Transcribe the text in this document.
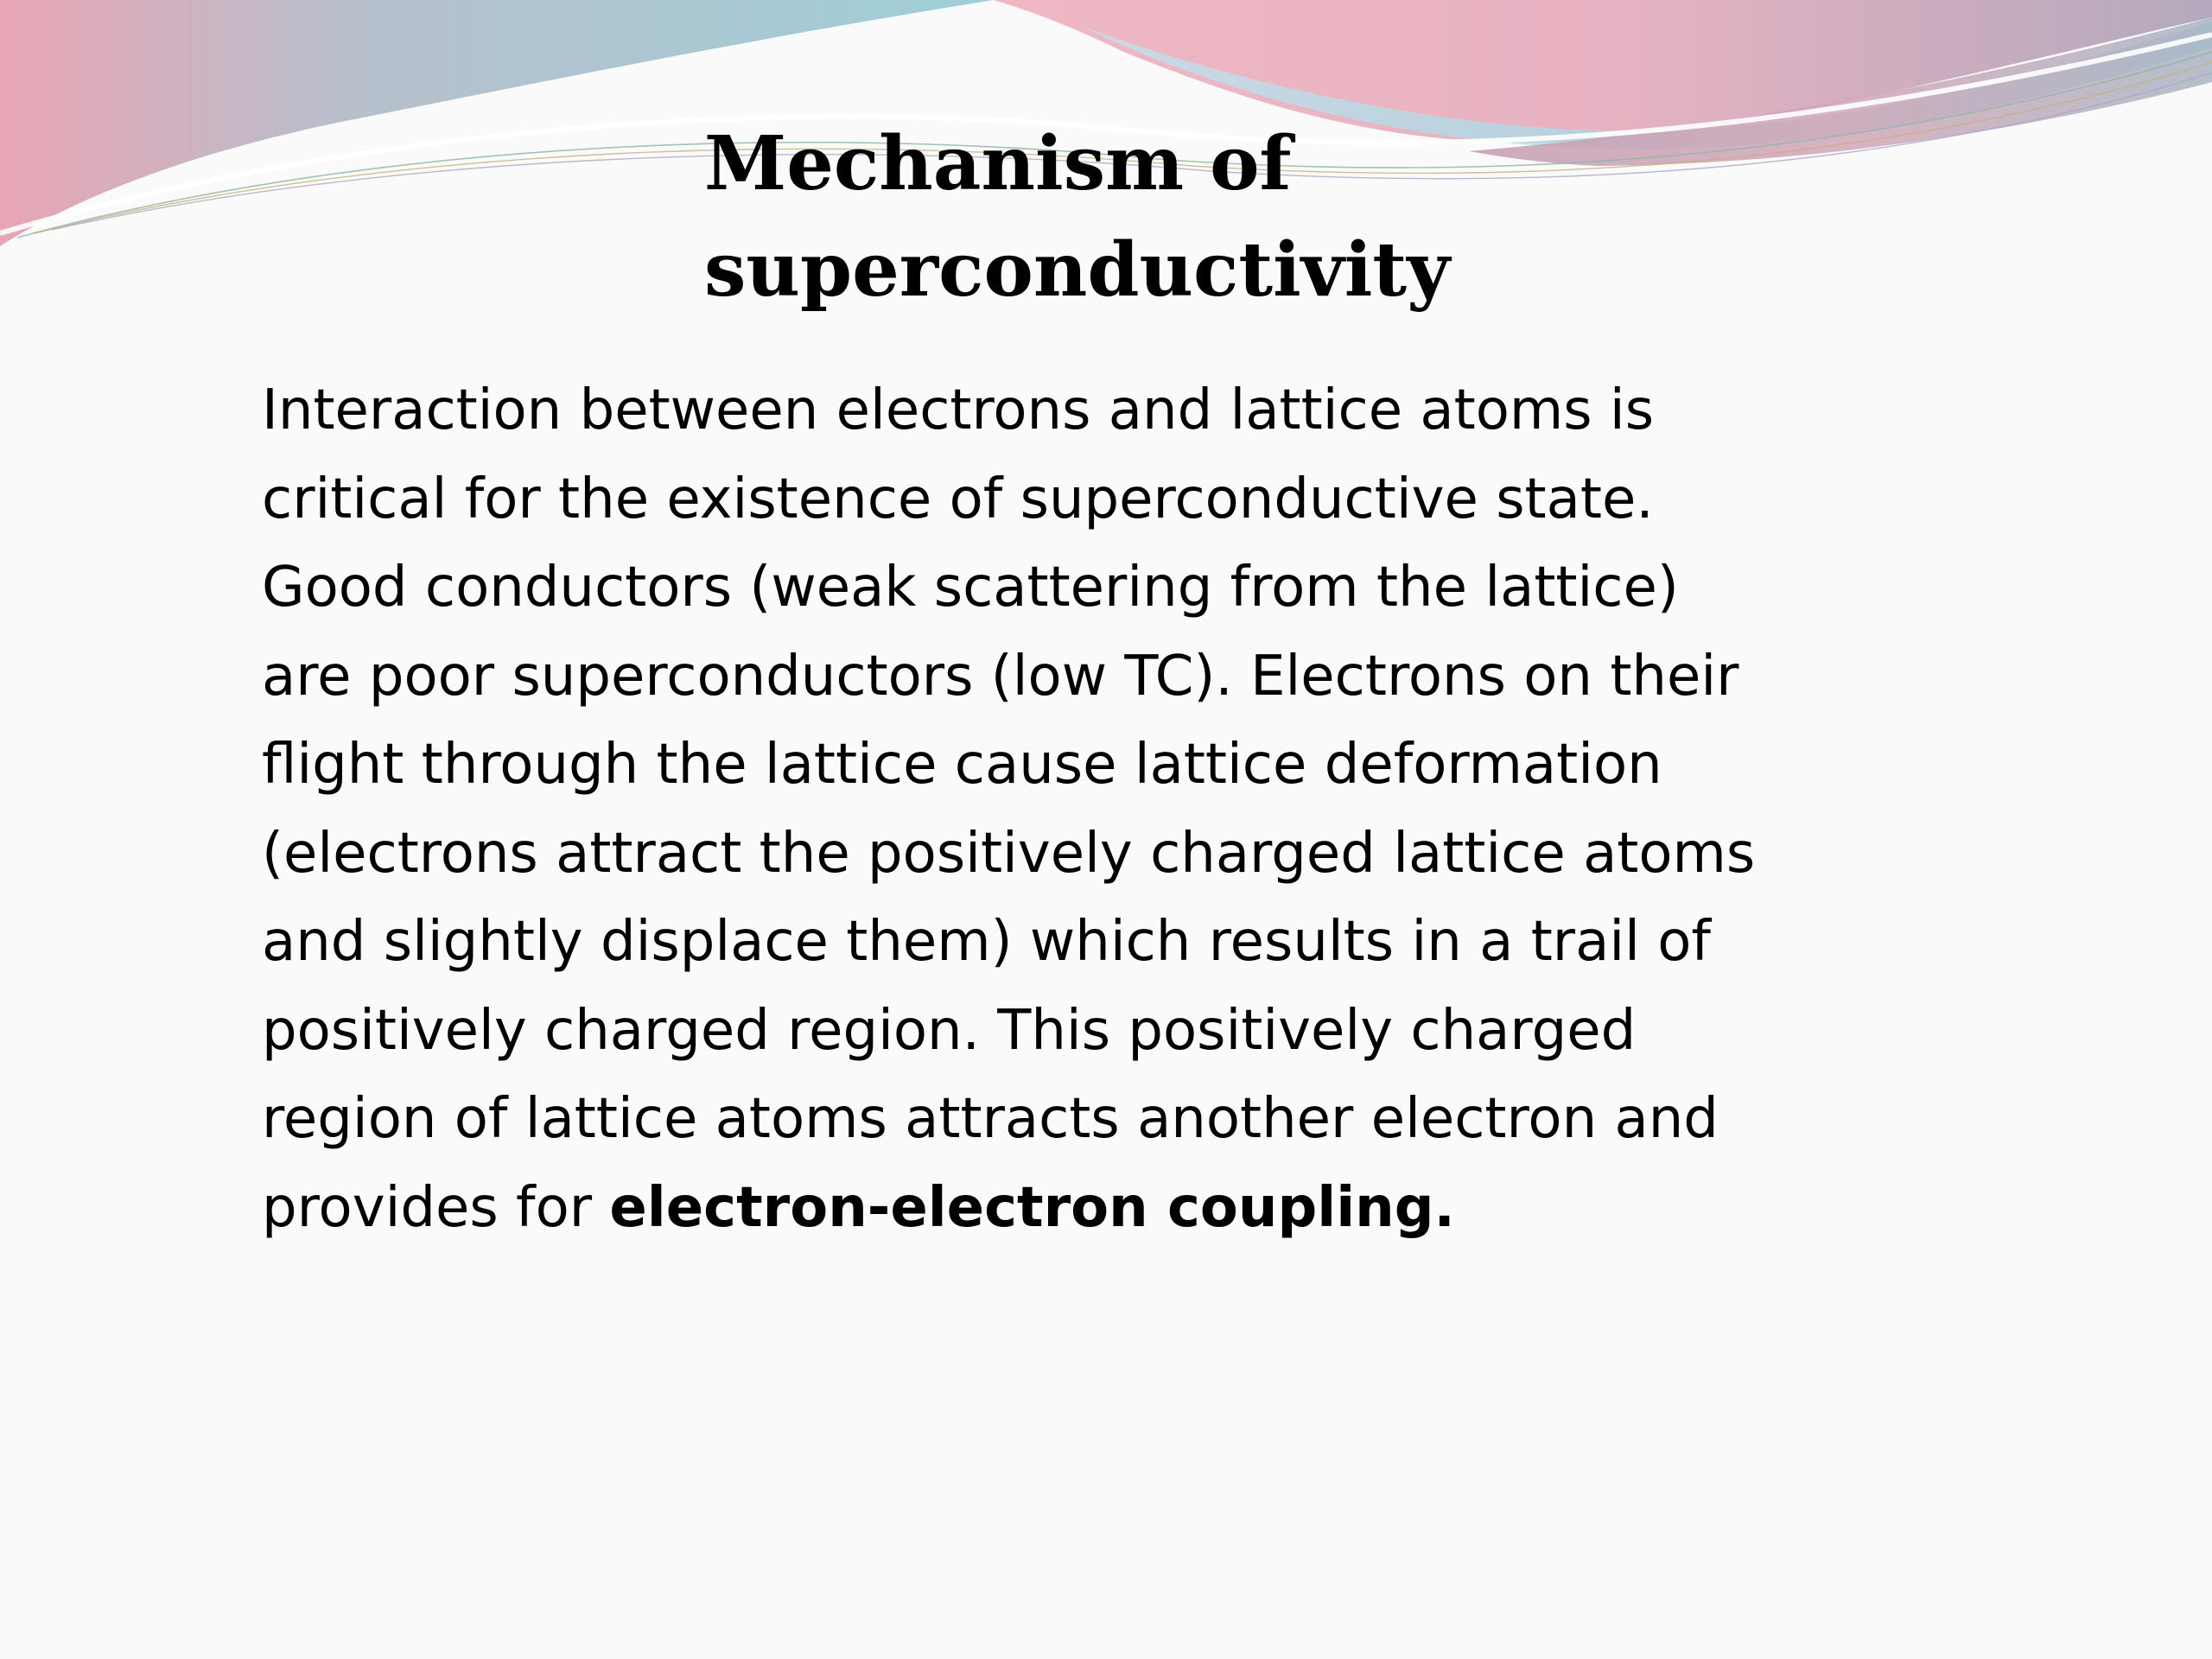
Mechanism of
superconductivity

Interaction between electrons and lattice atoms is
critical for the existence of superconductive state.
Good conductors (weak scattering from the lattice)
are poor superconductors (low TC). Electrons on their
flight through the lattice cause lattice deformation
(electrons attract the positively charged lattice atoms
and slightly displace them) which results in a trail of
positively charged region. This positively charged
region of lattice atoms attracts another electron and
provides for electron-electron coupling.
